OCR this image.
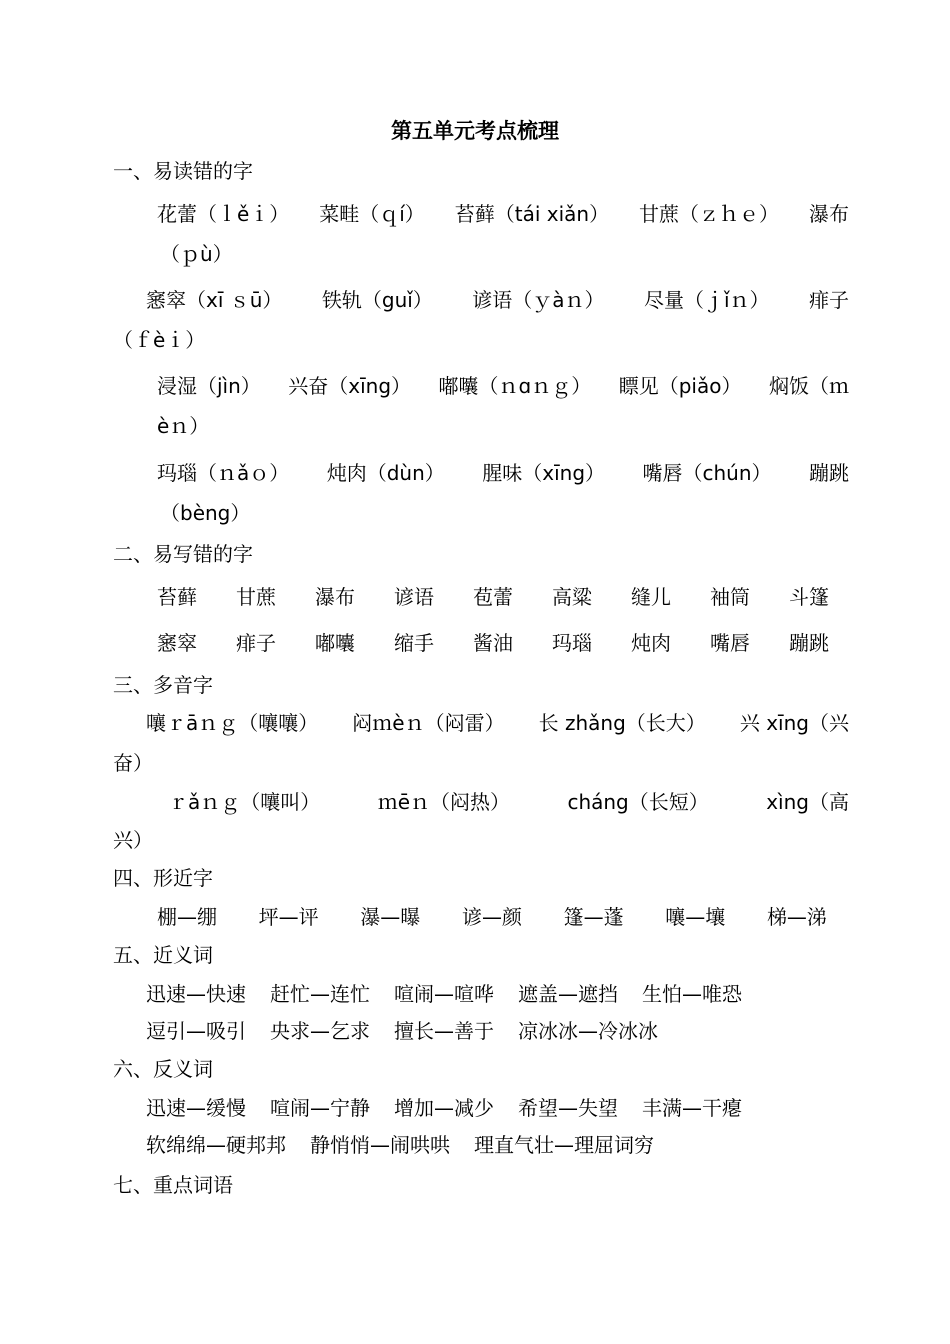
第五单元考点梳理
一、易读错的字
花蕾（ｌěｉ） 菜畦（ｑí） 苔藓（tái xiǎn） 甘蔗（ｚｈｅ） 瀑布
（ｐù）
窸窣（xī ｓū） 铁轨（guǐ） 谚语（ｙàｎ） 尽量（ｊǐｎ） 痱子
（ｆèｉ）
浸湿（jìn） 兴奋（xīng） 嘟囔（ｎɑｎｇ） 瞟见（piǎo） 焖饭（ｍ
èｎ）
玛瑙（ｎǎｏ） 炖肉（dùn） 腥味（xīng） 嘴唇（chún） 蹦跳
（bèng）
二、易写错的字
苔藓 甘蔗 瀑布 谚语 苞蕾 高粱 缝儿 袖筒 斗篷
窸窣 痱子 嘟囔 缩手 酱油 玛瑙 炖肉 嘴唇 蹦跳
三、多音字
嚷ｒāｎｇ（嚷嚷） 闷ｍèｎ（闷雷） 长 zhǎng（长大） 兴 xīng（兴
奋）
ｒǎｎｇ（嚷叫）	ｍēｎ（闷热）	cháng（长短）	xìng（高
兴）
四、形近字
棚—绷 坪—评 瀑—曝 谚—颜 篷—蓬 嚷—壤 梯—涕
五、近义词
迅速—快速 赶忙—连忙 喧闹—喧哗 遮盖—遮挡 生怕—唯恐
逗引—吸引 央求—乞求 擅长—善于 凉冰冰—冷冰冰
六、反义词
迅速—缓慢 喧闹—宁静 增加—减少 希望—失望 丰满—干瘪
软绵绵—硬邦邦 静悄悄—闹哄哄 理直气壮—理屈词穷
七、重点词语
